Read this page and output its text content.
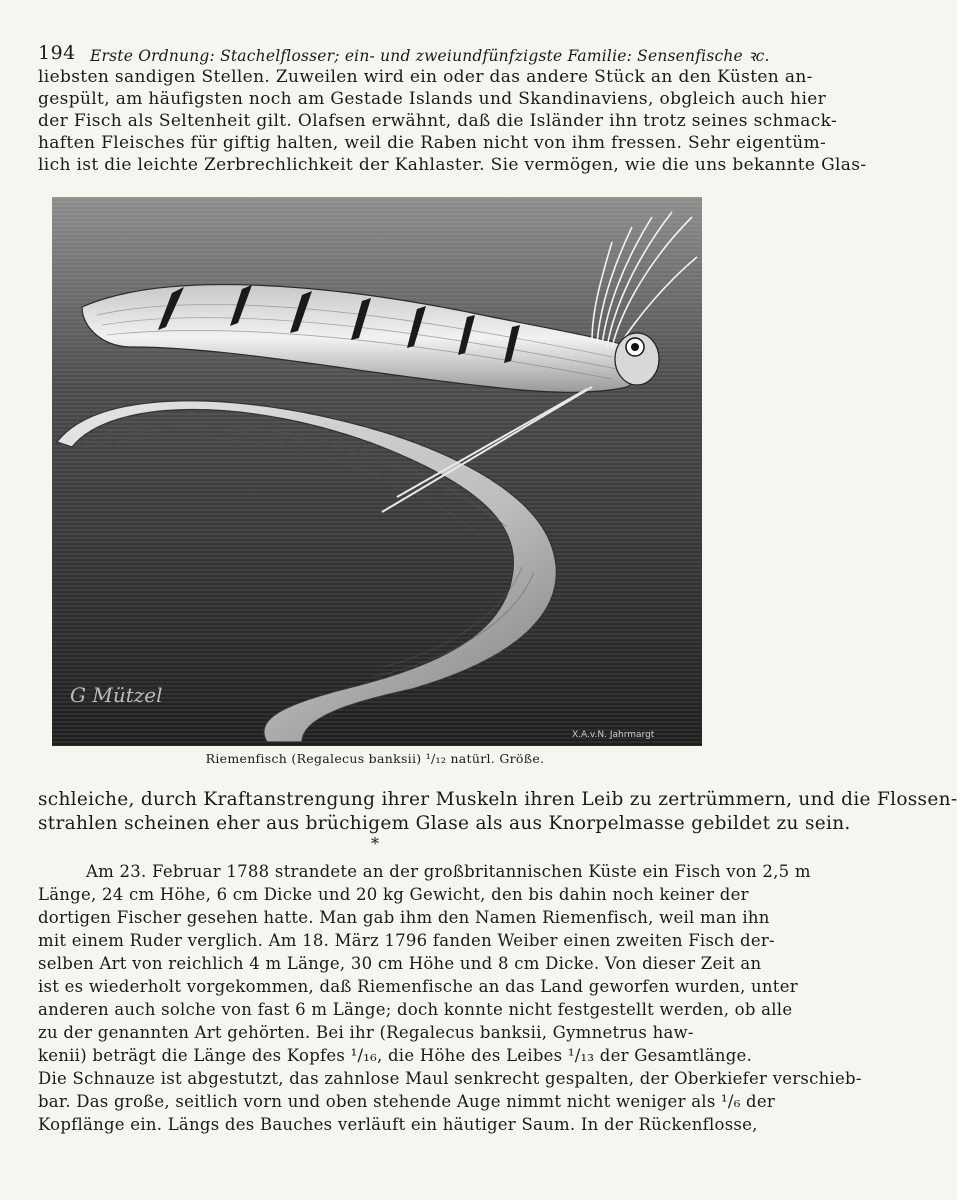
194 Erste Ordnung: Stachelflosser; ein- und zweiundfünfzigste Familie: Sensenfische ꝛc.
liebsten sandigen Stellen. Zuweilen wird ein oder das andere Stück an den Küsten an-
gespült, am häufigsten noch am Gestade Islands und Skandinaviens, obgleich auch hier
der Fisch als Seltenheit gilt. Olafsen erwähnt, daß die Isländer ihn trotz seines schmack-
haften Fleisches für giftig halten, weil die Raben nicht von ihm fressen. Sehr eigentüm-
lich ist die leichte Zerbrechlichkeit der Kahlaster. Sie vermögen, wie die uns bekannte Glas-
G Mützel
X.A.v.N. Jahrmargt
Riemenfisch (Regalecus banksii) ¹/₁₂ natürl. Größe.
schleiche, durch Kraftanstrengung ihrer Muskeln ihren Leib zu zertrümmern, und die Flossen-
strahlen scheinen eher aus brüchigem Glase als aus Knorpelmasse gebildet zu sein.
*
Am 23. Februar 1788 strandete an der großbritannischen Küste ein Fisch von 2,5 m
Länge, 24 cm Höhe, 6 cm Dicke und 20 kg Gewicht, den bis dahin noch keiner der
dortigen Fischer gesehen hatte. Man gab ihm den Namen Riemenfisch, weil man ihn
mit einem Ruder verglich. Am 18. März 1796 fanden Weiber einen zweiten Fisch der-
selben Art von reichlich 4 m Länge, 30 cm Höhe und 8 cm Dicke. Von dieser Zeit an
ist es wiederholt vorgekommen, daß Riemenfische an das Land geworfen wurden, unter
anderen auch solche von fast 6 m Länge; doch konnte nicht festgestellt werden, ob alle
zu der genannten Art gehörten. Bei ihr (Regalecus banksii, Gymnetrus haw-
kenii) beträgt die Länge des Kopfes ¹/₁₆, die Höhe des Leibes ¹/₁₃ der Gesamtlänge.
Die Schnauze ist abgestutzt, das zahnlose Maul senkrecht gespalten, der Oberkiefer verschieb-
bar. Das große, seitlich vorn und oben stehende Auge nimmt nicht weniger als ¹/₆ der
Kopflänge ein. Längs des Bauches verläuft ein häutiger Saum. In der Rückenflosse,
